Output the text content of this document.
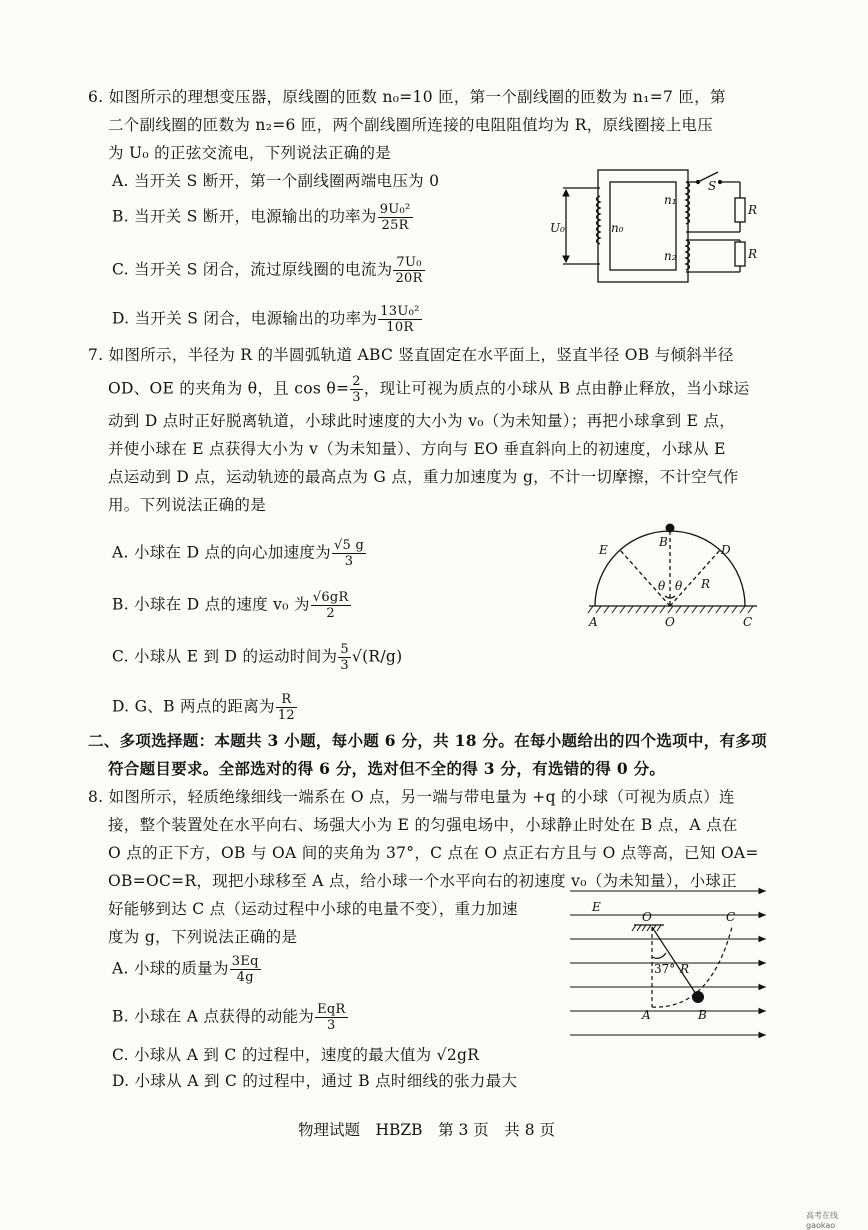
6. 如图所示的理想变压器，原线圈的匝数 n₀=10 匝，第一个副线圈的匝数为 n₁=7 匝，第
二个副线圈的匝数为 n₂=6 匝，两个副线圈所连接的电阻阻值均为 R，原线圈接上电压
为 U₀ 的正弦交流电，下列说法正确的是
A. 当开关 S 断开，第一个副线圈两端电压为 0
B. 当开关 S 断开，电源输出的功率为 $\frac{\text{9U₀²}}{25R}$
C. 当开关 S 闭合，流过原线圈的电流为 $\frac{\text{7U₀}}{20R}$
D. 当开关 S 闭合，电源输出的功率为 $\frac{\text{13U₀²}}{10R}$
U₀	n₀
n₁
n₂
S
R
R
7. 如图所示，半径为 R 的半圆弧轨道 ABC 竖直固定在水平面上，竖直半径 OB 与倾斜半径
OD、OE 的夹角为 θ，且 $\cos \theta= \frac{2}{3}$ ，现让可视为质点的小球从 B 点由静止释放，当小球运
动到 D 点时正好脱离轨道，小球此时速度的大小为 v₀（为未知量）；再把小球拿到 E 点，
并使小球在 E 点获得大小为 v（为未知量）、方向与 EO 垂直斜向上的初速度，小球从 E
点运动到 D 点，运动轨迹的最高点为 G 点，重力加速度为 g，不计一切摩擦，不计空气作
用。下列说法正确的是
A. 小球在 D 点的向心加速度为 $\frac{√5 g}{3}$
B. 小球在 D 点的速度 v₀ 为 $\frac{√6gR}{2}$
C. 小球从 E 到 D 的运动时间为 $\frac{5}{3} √(R/g)$
D. G、B 两点的距离为 $\frac{R}{12}$
A
B
C
D
E
O
R
θ θ
二、多项选择题：本题共 3 小题，每小题 6 分，共 18 分。在每小题给出的四个选项中，有多项
符合题目要求。全部选对的得 6 分，选对但不全的得 3 分，有选错的得 0 分。
8. 如图所示，轻质绝缘细线一端系在 O 点，另一端与带电量为 +q 的小球（可视为质点）连
接，整个装置处在水平向右、场强大小为 E 的匀强电场中，小球静止时处在 B 点，A 点在
O 点的正下方，OB 与 OA 间的夹角为 37°，C 点在 O 点正右方且与 O 点等高，已知 OA=
OB=OC=R，现把小球移至 A 点，给小球一个水平向右的初速度 v₀（为未知量），小球正
好能够到达 C 点（运动过程中小球的电量不变），重力加速
度为 g，下列说法正确的是
A. 小球的质量为 $\frac{3Eq}{4g}$
B. 小球在 A 点获得的动能为 $\frac{\text{EqR}}{3}$
C. 小球从 A 到 C 的过程中，速度的最大值为 √2gR
D. 小球从 A 到 C 的过程中，通过 B 点时细线的张力最大
E
O	C
A	B
R
37°
物理试题　HBZB　第 3 页　共 8 页
高考在线 gaokao
